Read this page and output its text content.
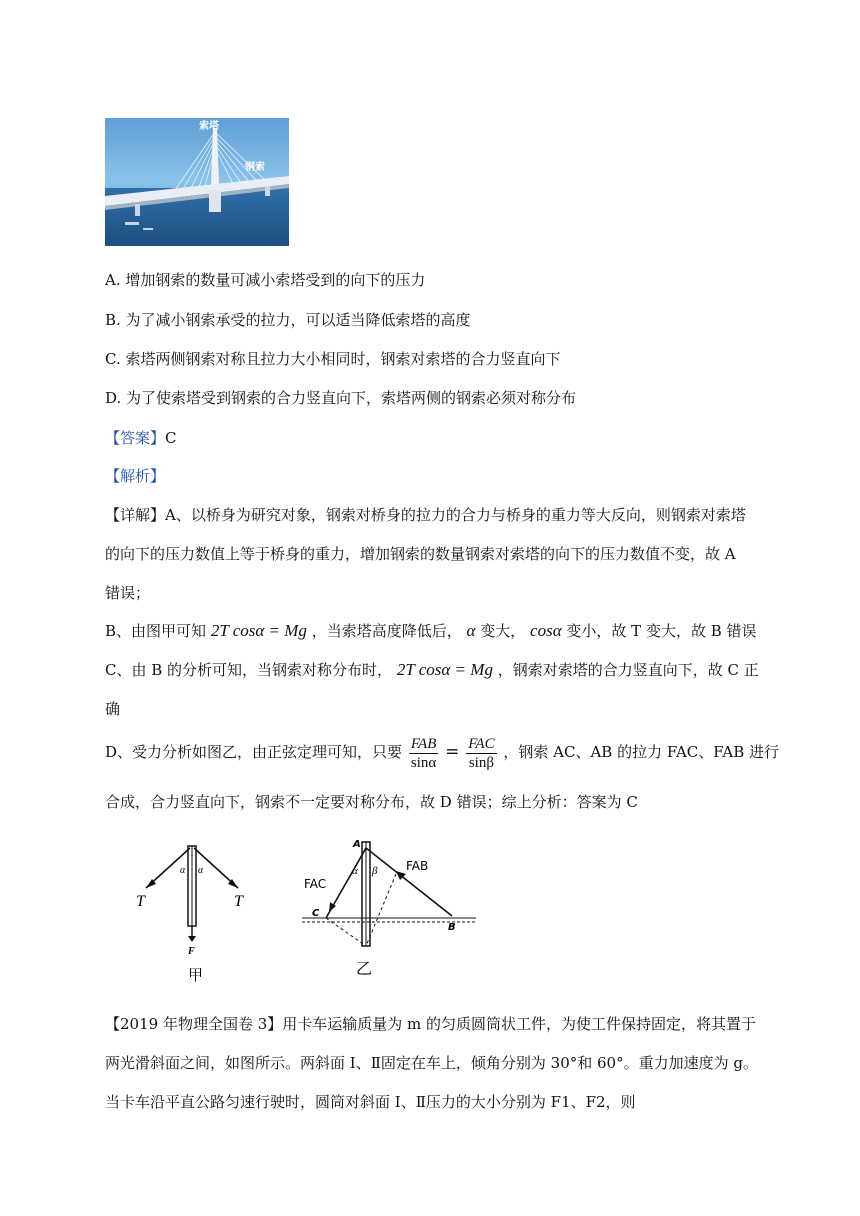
索塔
钢索
A. 增加钢索的数量可减小索塔受到的向下的压力
B. 为了减小钢索承受的拉力，可以适当降低索塔的高度
C. 索塔两侧钢索对称且拉力大小相同时，钢索对索塔的合力竖直向下
D. 为了使索塔受到钢索的合力竖直向下，索塔两侧的钢索必须对称分布
【答案】C
【解析】
【详解】A、以桥身为研究对象，钢索对桥身的拉力的合力与桥身的重力等大反向，则钢索对索塔
的向下的压力数值上等于桥身的重力，增加钢索的数量钢索对索塔的向下的压力数值不变，故 A
错误；
B、由图甲可知 2T cosα = Mg ，当索塔高度降低后， α 变大， cosα 变小，故 T 变大，故 B 错误
C、由 B 的分析可知，当钢索对称分布时， 2T cosα = Mg ，钢索对索塔的合力竖直向下，故 C 正
确
D、受力分析如图乙，由正弦定理可知，只要 $\frac{\text{FAB}}{\sin\alpha} = \frac{\text{FAC}}{\sin\beta}$ ，钢索 AC、AB 的拉力 FAC、FAB 进行
合成，合力竖直向下，钢索不一定要对称分布，故 D 错误；综上分析：答案为 C
α α
T	T
F
甲
A
B
C
FAC
FAB
α β
乙
【2019 年物理全国卷 3】用卡车运输质量为 m 的匀质圆筒状工件，为使工件保持固定，将其置于
两光滑斜面之间，如图所示。两斜面 I、Ⅱ固定在车上，倾角分别为 30°和 60°。重力加速度为 g。
当卡车沿平直公路匀速行驶时，圆筒对斜面 I、Ⅱ压力的大小分别为 F1、F2，则
